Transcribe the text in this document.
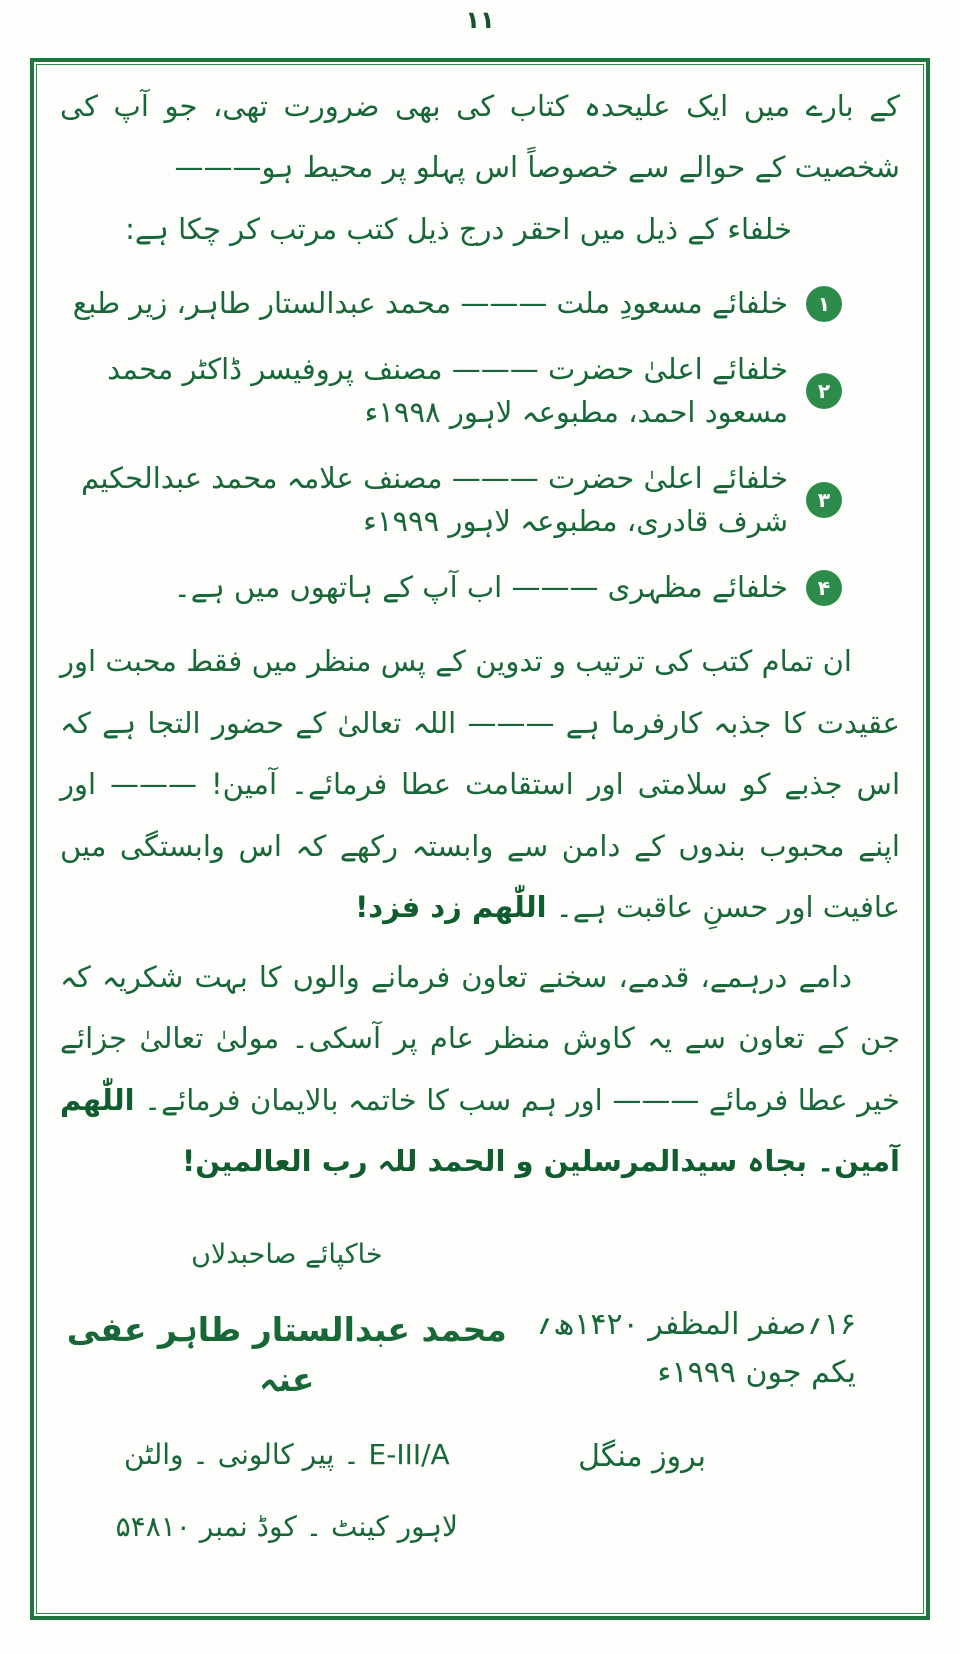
۱۱

کے بارے میں ایک علیحدہ کتاب کی بھی ضرورت تھی، جو آپ کی شخصیت کے حوالے سے خصوصاً اس پہلو پر محیط ہو———

خلفاء کے ذیل میں احقر درج ذیل کتب مرتب کر چکا ہے:

۱
خلفائے مسعودِ ملت ——— محمد عبدالستار طاہر، زیر طبع
۲
خلفائے اعلیٰ حضرت ——— مصنف پروفیسر ڈاکٹر محمد مسعود احمد، مطبوعہ لاہور ۱۹۹۸ء
۳
خلفائے اعلیٰ حضرت ——— مصنف علامہ محمد عبدالحکیم شرف قادری، مطبوعہ لاہور ۱۹۹۹ء
۴
خلفائے مظہری ——— اب آپ کے ہاتھوں میں ہے۔

ان تمام کتب کی ترتیب و تدوین کے پس منظر میں فقط محبت اور عقیدت کا جذبہ کارفرما ہے ——— اللہ تعالیٰ کے حضور التجا ہے کہ اس جذبے کو سلامتی اور استقامت عطا فرمائے۔ آمین! ——— اور اپنے محبوب بندوں کے دامن سے وابستہ رکھے کہ اس وابستگی میں عافیت اور حسنِ عاقبت ہے۔ اللّٰھم زد فزد!

دامے درہمے، قدمے، سخنے تعاون فرمانے والوں کا بہت شکریہ کہ جن کے تعاون سے یہ کاوش منظر عام پر آسکی۔ مولیٰ تعالیٰ جزائے خیر عطا فرمائے ——— اور ہم سب کا خاتمہ بالایمان فرمائے۔ اللّٰھم آمین۔ بجاہ سیدالمرسلین و الحمد للہ رب العالمین!

۱۶؍صفر المظفر ۱۴۲۰ھ؍ یکم جون ۱۹۹۹ء
بروز منگل
خاکپائے صاحبدلاں
محمد عبدالستار طاہر عفی عنہ
E-III/A ۔ پیر کالونی ۔ والٹن
لاہور کینٹ ۔ کوڈ نمبر ۵۴۸۱۰
